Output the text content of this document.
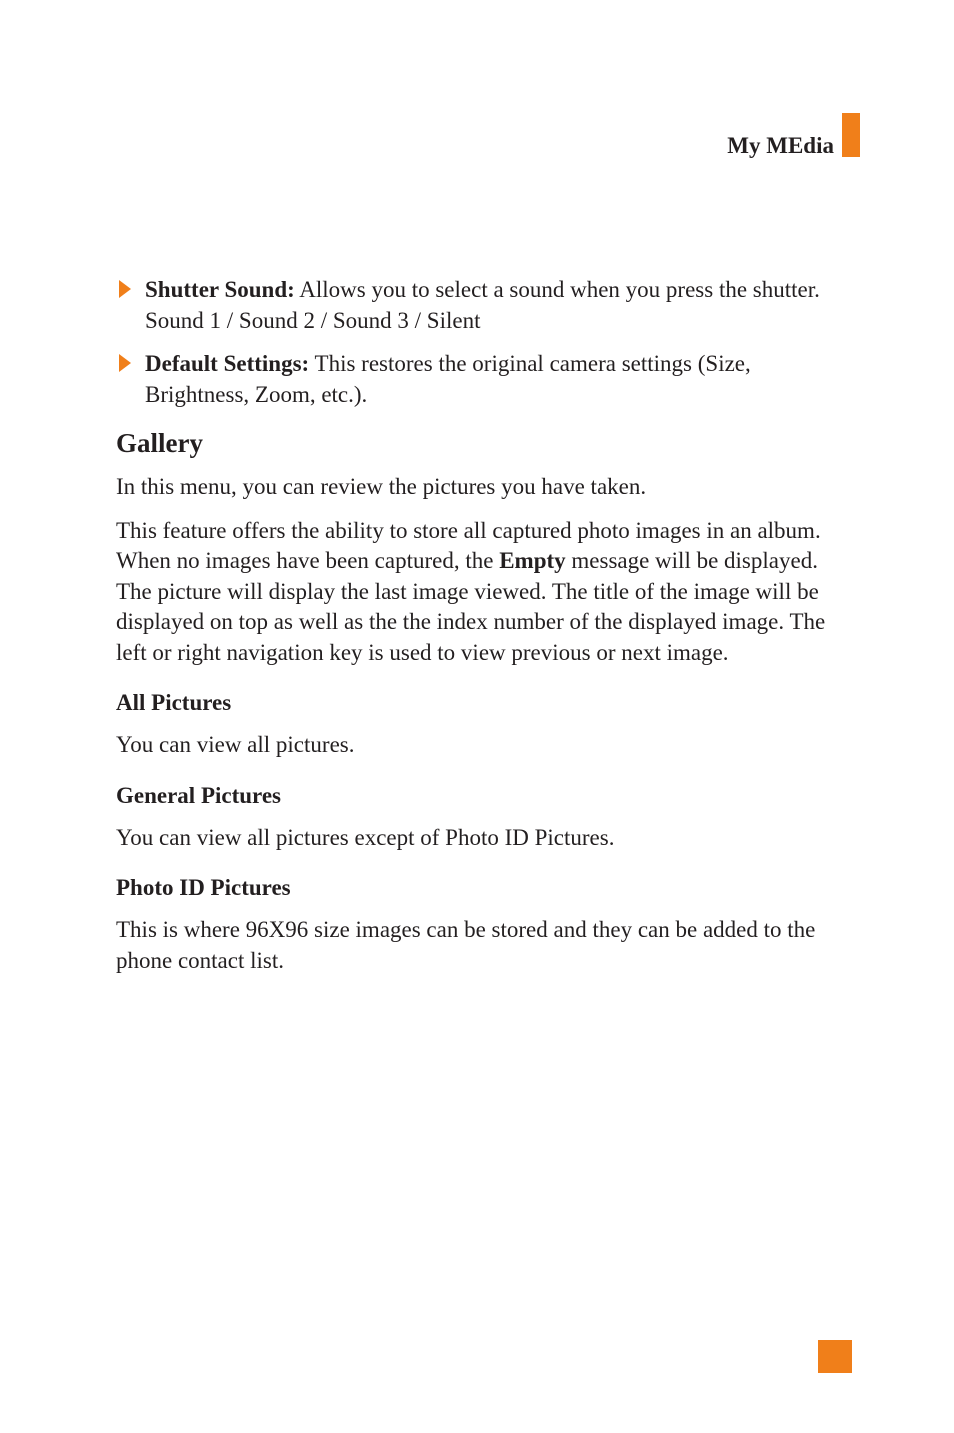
My MEdia

Shutter Sound: Allows you to select a sound when you press the shutter.

Sound 1 / Sound 2 / Sound 3 / Silent

Default Settings: This restores the original camera settings (Size, Brightness, Zoom, etc.).

Gallery

In this menu, you can review the pictures you have taken.

This feature offers the ability to store all captured photo images in an album. When no images have been captured, the Empty message will be displayed. The picture will display the last image viewed. The title of the image will be displayed on top as well as the the index number of the displayed image. The left or right navigation key is used to view previous or next image.

All Pictures

You can view all pictures.

General Pictures

You can view all pictures except of Photo ID Pictures.

Photo ID Pictures

This is where 96X96 size images can be stored and they can be added to the phone contact list.
